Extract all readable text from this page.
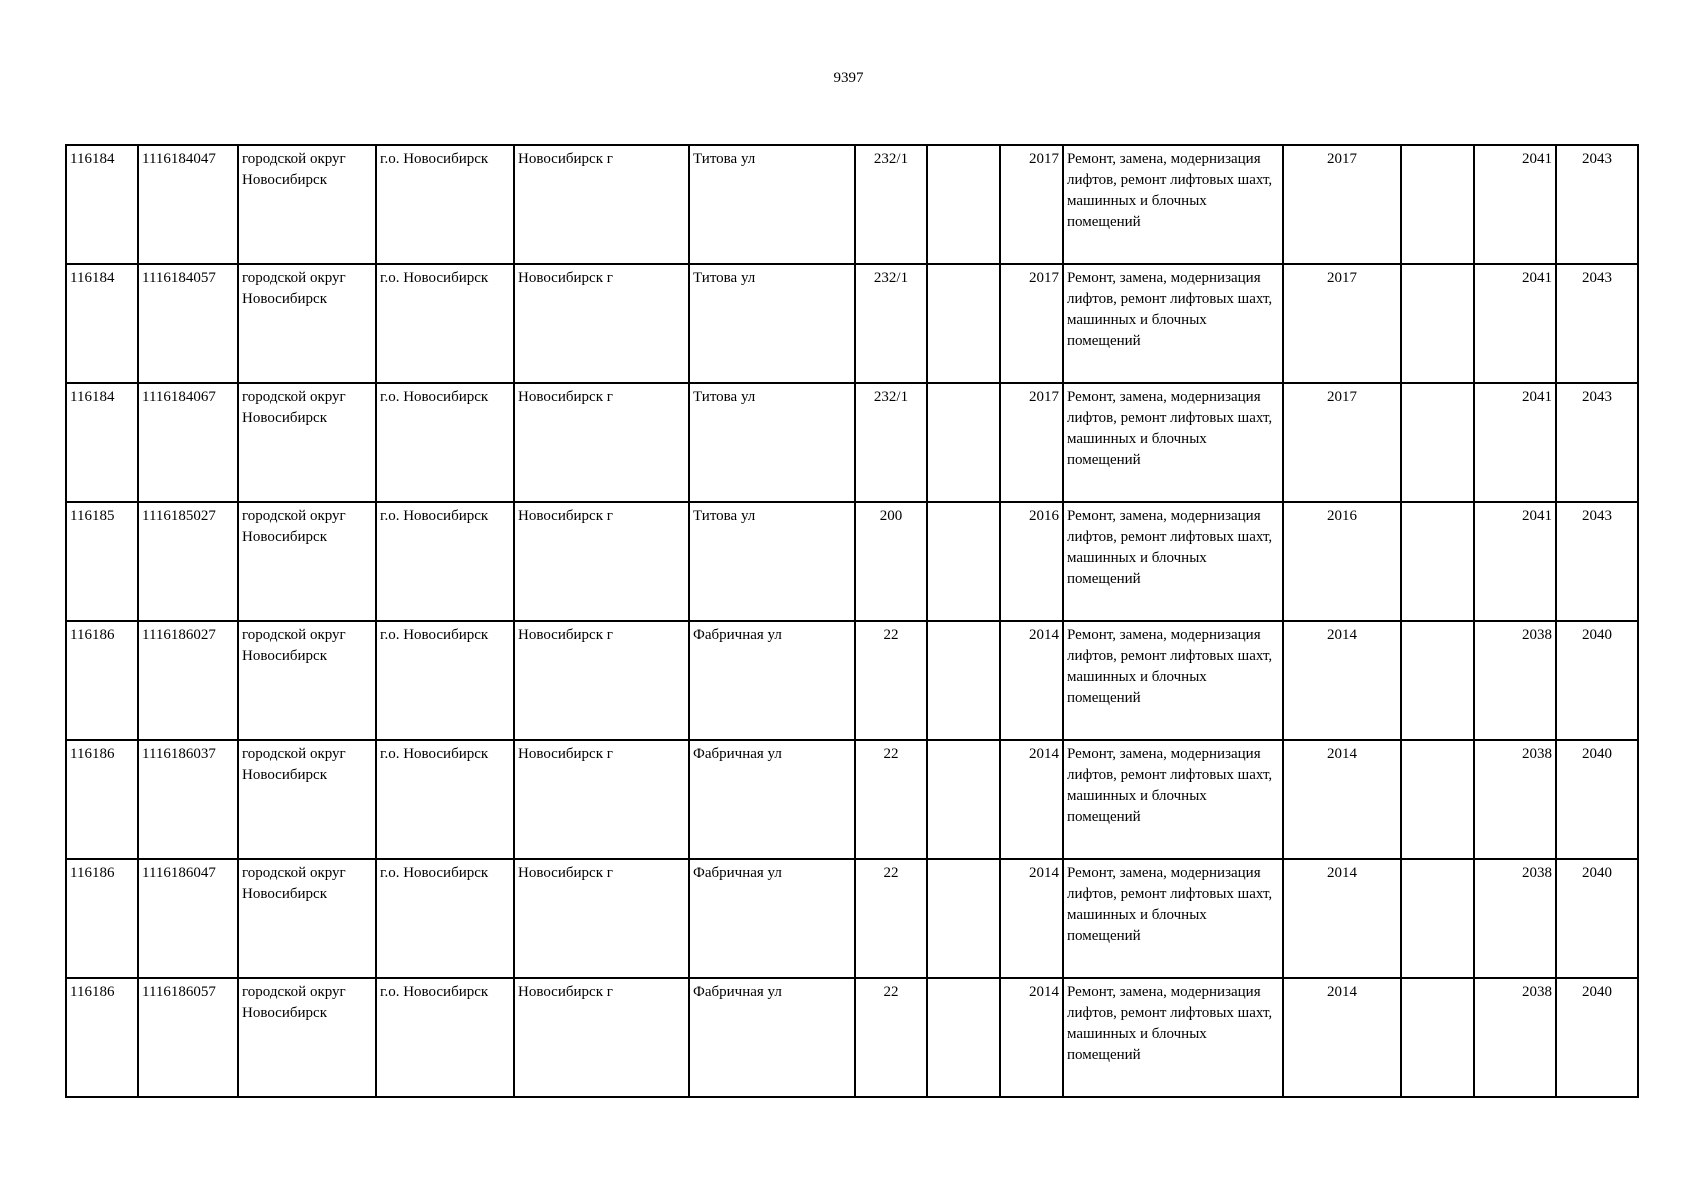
9397
116184	1116184047	городской округ Новосибирск	г.о. Новосибирск	Новосибирск г	Титова ул	232/1		2017	Ремонт, замена, модернизация лифтов, ремонт лифтовых шахт, машинных и блочных помещений	2017		2041	2043
116184	1116184057	городской округ Новосибирск	г.о. Новосибирск	Новосибирск г	Титова ул	232/1		2017	Ремонт, замена, модернизация лифтов, ремонт лифтовых шахт, машинных и блочных помещений	2017		2041	2043
116184	1116184067	городской округ Новосибирск	г.о. Новосибирск	Новосибирск г	Титова ул	232/1		2017	Ремонт, замена, модернизация лифтов, ремонт лифтовых шахт, машинных и блочных помещений	2017		2041	2043
116185	1116185027	городской округ Новосибирск	г.о. Новосибирск	Новосибирск г	Титова ул	200		2016	Ремонт, замена, модернизация лифтов, ремонт лифтовых шахт, машинных и блочных помещений	2016		2041	2043
116186	1116186027	городской округ Новосибирск	г.о. Новосибирск	Новосибирск г	Фабричная ул	22		2014	Ремонт, замена, модернизация лифтов, ремонт лифтовых шахт, машинных и блочных помещений	2014		2038	2040
116186	1116186037	городской округ Новосибирск	г.о. Новосибирск	Новосибирск г	Фабричная ул	22		2014	Ремонт, замена, модернизация лифтов, ремонт лифтовых шахт, машинных и блочных помещений	2014		2038	2040
116186	1116186047	городской округ Новосибирск	г.о. Новосибирск	Новосибирск г	Фабричная ул	22		2014	Ремонт, замена, модернизация лифтов, ремонт лифтовых шахт, машинных и блочных помещений	2014		2038	2040
116186	1116186057	городской округ Новосибирск	г.о. Новосибирск	Новосибирск г	Фабричная ул	22		2014	Ремонт, замена, модернизация лифтов, ремонт лифтовых шахт, машинных и блочных помещений	2014		2038	2040
